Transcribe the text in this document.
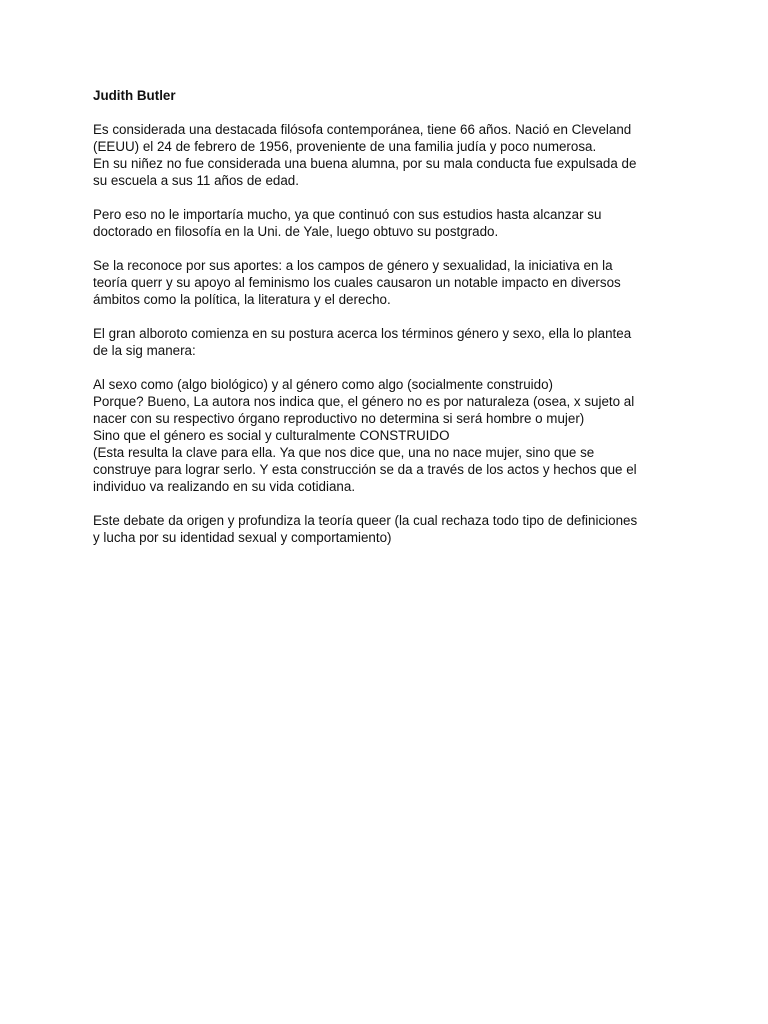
Judith Butler
Es considerada una destacada filósofa contemporánea, tiene 66 años. Nació en Cleveland
(EEUU) el 24 de febrero de 1956, proveniente de una familia judía y poco numerosa.
En su niñez no fue considerada una buena alumna, por su mala conducta fue expulsada de
su escuela a sus 11 años de edad.
Pero eso no le importaría mucho, ya que continuó con sus estudios hasta alcanzar su
doctorado en filosofía en la Uni. de Yale, luego obtuvo su postgrado.
Se la reconoce por sus aportes: a los campos de género y sexualidad, la iniciativa en la
teoría querr y su apoyo al feminismo los cuales causaron un notable impacto en diversos
ámbitos como la política, la literatura y el derecho.
El gran alboroto comienza en su postura acerca los términos género y sexo, ella lo plantea
de la sig manera:
Al sexo como (algo biológico) y al género como algo (socialmente construido)
Porque? Bueno, La autora nos indica que, el género no es por naturaleza (osea, x sujeto al
nacer con su respectivo órgano reproductivo no determina si será hombre o mujer)
Sino que el género es social y culturalmente CONSTRUIDO
(Esta resulta la clave para ella. Ya que nos dice que, una no nace mujer, sino que se
construye para lograr serlo. Y esta construcción se da a través de los actos y hechos que el
individuo va realizando en su vida cotidiana.
Este debate da origen y profundiza la teoría queer (la cual rechaza todo tipo de definiciones
y lucha por su identidad sexual y comportamiento)
